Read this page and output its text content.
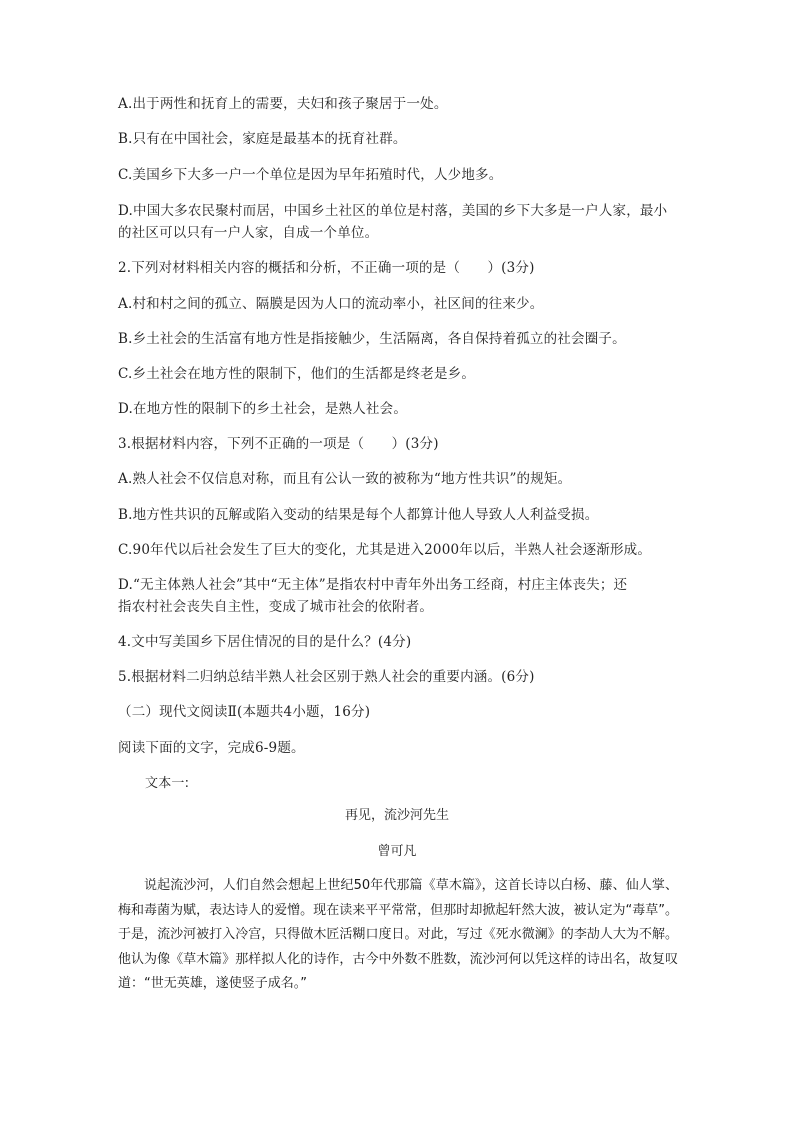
A.出于两性和抚育上的需要，夫妇和孩子聚居于一处。
B.只有在中国社会，家庭是最基本的抚育社群。
C.美国乡下大多一户一个单位是因为早年拓殖时代，人少地多。
D.中国大多农民聚村而居，中国乡土社区的单位是村落，美国的乡下大多是一户人家，最小
的社区可以只有一户人家，自成一个单位。
2.下列对材料相关内容的概括和分析，不正确一项的是（　　）(3分)
A.村和村之间的孤立、隔膜是因为人口的流动率小，社区间的往来少。
B.乡土社会的生活富有地方性是指接触少，生活隔离，各自保持着孤立的社会圈子。
C.乡土社会在地方性的限制下，他们的生活都是终老是乡。
D.在地方性的限制下的乡土社会，是熟人社会。
3.根据材料内容，下列不正确的一项是（　　）(3分)
A.熟人社会不仅信息对称，而且有公认一致的被称为“地方性共识”的规矩。
B.地方性共识的瓦解或陷入变动的结果是每个人都算计他人导致人人利益受损。
C.90年代以后社会发生了巨大的变化，尤其是进入2000年以后，半熟人社会逐渐形成。
D.“无主体熟人社会”其中“无主体”是指农村中青年外出务工经商，村庄主体丧失；还
指农村社会丧失自主性，变成了城市社会的依附者。
4.文中写美国乡下居住情况的目的是什么？(4分)
5.根据材料二归纳总结半熟人社会区别于熟人社会的重要内涵。(6分)
（二）现代文阅读Ⅱ(本题共4小题，16分)
阅读下面的文字，完成6-9题。
文本一:
再见，流沙河先生
曾可凡
说起流沙河，人们自然会想起上世纪50年代那篇《草木篇》，这首长诗以白杨、藤、仙人掌、梅和毒菌为赋，表达诗人的爱憎。现在读来平平常常，但那时却掀起轩然大波，被认定为“毒草”。于是，流沙河被打入冷宫，只得做木匠活糊口度日。对此，写过《死水微澜》的李劼人大为不解。他认为像《草木篇》那样拟人化的诗作，古今中外数不胜数，流沙河何以凭这样的诗出名，故复叹道：“世无英雄，遂使竖子成名。”
